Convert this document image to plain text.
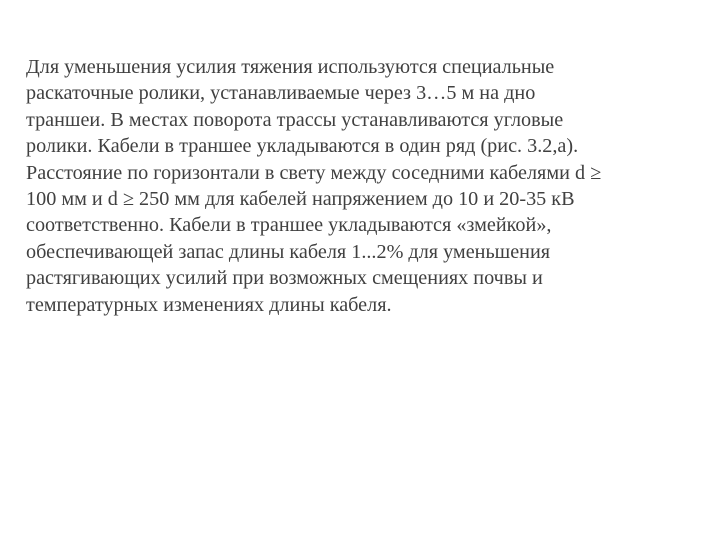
Для уменьшения усилия тяжения используются специальные
раскаточные ролики, устанавливаемые через 3…5 м на дно
траншеи. В местах поворота трассы устанавливаются угловые
ролики. Кабели в траншее укладываются в один ряд (рис. 3.2,а).
Расстояние по горизонтали в свету между соседними кабелями d ≥
100 мм и d ≥ 250 мм для кабелей напряжением до 10 и 20-35 кВ
соответственно. Кабели в траншее укладываются «змейкой»,
обеспечивающей запас длины кабеля 1...2% для уменьшения
растягивающих усилий при возможных смещениях почвы и
температурных изменениях длины кабеля.
